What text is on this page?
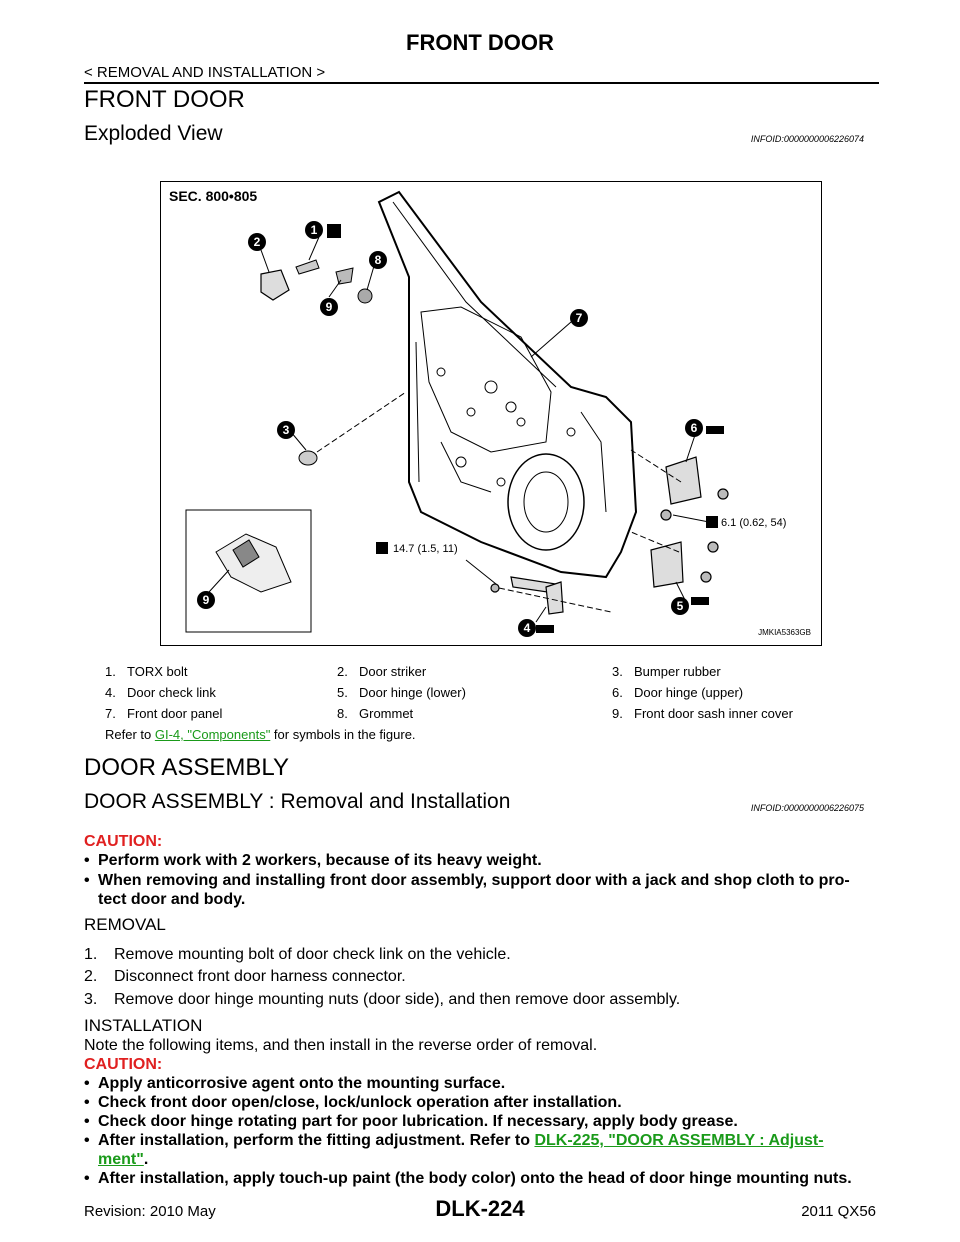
FRONT DOOR
< REMOVAL AND INSTALLATION >
FRONT DOOR
Exploded View	INFOID:0000000006226074
SEC. 800•805
1
2
3
4
5
6
7
8
9
9
6.1 (0.62, 54)
14.7 (1.5, 11)
JMKIA5363GB
1. TORX bolt	2. Door striker	3. Bumper rubber
4. Door check link	5. Door hinge (lower)	6. Door hinge (upper)
7. Front door panel	8. Grommet	9. Front door sash inner cover
Refer to GI-4, "Components" for symbols in the figure.
DOOR ASSEMBLY
DOOR ASSEMBLY : Removal and Installation	INFOID:0000000006226075
CAUTION:
• Perform work with 2 workers, because of its heavy weight.
• When removing and installing front door assembly, support door with a jack and shop cloth to pro-
tect door and body.
REMOVAL
1. Remove mounting bolt of door check link on the vehicle.
2. Disconnect front door harness connector.
3. Remove door hinge mounting nuts (door side), and then remove door assembly.
INSTALLATION
Note the following items, and then install in the reverse order of removal.
CAUTION:
• Apply anticorrosive agent onto the mounting surface.
• Check front door open/close, lock/unlock operation after installation.
• Check door hinge rotating part for poor lubrication. If necessary, apply body grease.
• After installation, perform the fitting adjustment. Refer to DLK-225, "DOOR ASSEMBLY : Adjust-
ment".
• After installation, apply touch-up paint (the body color) onto the head of door hinge mounting nuts.
Revision: 2010 May	DLK-224	2011 QX56
